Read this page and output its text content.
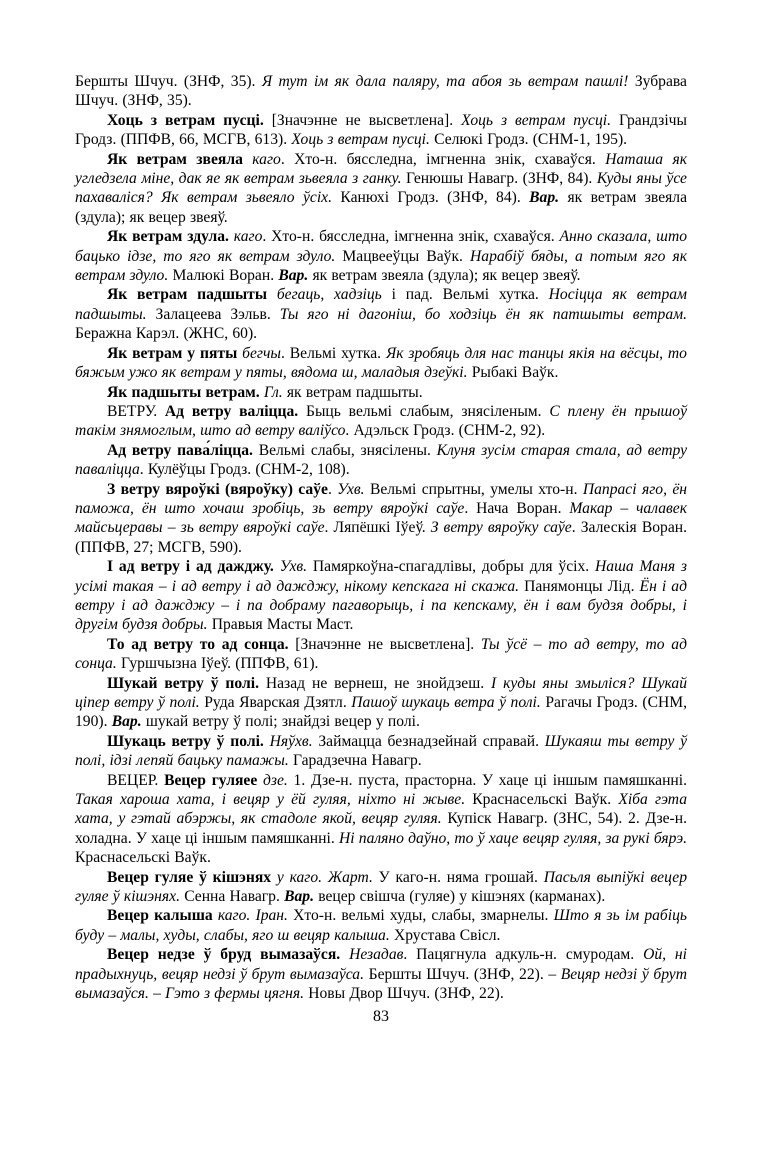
Бершты Шчуч. (ЗНФ, 35). Я тут ім як дала паляру, та абоя зь ветрам пашлі! Зубрава Шчуч. (ЗНФ, 35).

Хоць з ветрам пусці. [Значэнне не высветлена]. Хоць з ветрам пусці. Грандзічы Гродз. (ППФВ, 66, МСГВ, 613). Хоць з ветрам пусці. Селюкі Гродз. (СНМ-1, 195).

Як ветрам звеяла каго. Хто-н. бясследна, імгненна знік, схаваўся. Наташа як угледзела міне, дак яе як ветрам зьвеяла з ганку. Генюшы Навагр. (ЗНФ, 84). Куды яны ўсе пахаваліся? Як ветрам зьвеяло ўсіх. Канюхі Гродз. (ЗНФ, 84). Вар. як ветрам звеяла (здула); як вецер звеяў.

Як ветрам здула. каго. Хто-н. бясследна, імгненна знік, схаваўся. Анно сказала, што бацько ідзе, то яго як ветрам здуло. Мацвееўцы Ваўк. Нарабіў бяды, а потым яго як ветрам здуло. Малюкі Воран. Вар. як ветрам звеяла (здула); як вецер звеяў.

Як ветрам падшыты бегаць, хадзіць і пад. Вельмі хутка. Носіцца як ветрам падшыты. Залацеева Зэльв. Ты яго ні дагоніш, бо ходзіць ён як патшыты ветрам. Беражна Карэл. (ЖНС, 60).

Як ветрам у пяты бегчы. Вельмі хутка. Як зробяць для нас танцы якія на вёсцы, то бяжым ужо як ветрам у пяты, вядома ш, маладыя дзеўкі. Рыбакі Ваўк.

Як падшыты ветрам. Гл. як ветрам падшыты.

ВЕТРУ. Ад ветру валіцца. Быць вельмі слабым, знясіленым. С плену ён прышоў такім знямоглым, што ад ветру валіўсо. Адэльск Гродз. (СНМ-2, 92).

Ад ветру пава́ліцца. Вельмі слабы, знясілены. Клуня зусім старая стала, ад ветру паваліцца. Кулёўцы Гродз. (СНМ-2, 108).

З ветру вяроўкі (вяроўку) саўе. Ухв. Вельмі спрытны, умелы хто-н. Папрасі яго, ён паможа, ён што хочаш зробіць, зь ветру вяроўкі саўе. Нача Воран. Макар – чалавек майсьцеравы – зь ветру вяроўкі саўе. Ляпёшкі Іўеў. З ветру вяроўку саўе. Залескія Воран. (ППФВ, 27; МСГВ, 590).

І ад ветру і ад дажджу. Ухв. Памяркоўна-спагадлівы, добры для ўсіх. Наша Маня з усімі такая – і ад ветру і ад дажджу, нікому кепскага ні скажа. Панямонцы Лід. Ён і ад ветру і ад дажджу – і па добраму пагаворыць, і па кепскаму, ён і вам будзя добры, і другім будзя добры. Правыя Масты Маст.

То ад ветру то ад сонца. [Значэнне не высветлена]. Ты ўсё – то ад ветру, то ад сонца. Гуршчызна Іўеў. (ППФВ, 61).

Шукай ветру ў полі. Назад не вернеш, не знойдзеш. І куды яны змыліся? Шукай ціпер ветру ў полі. Руда Яварская Дзятл. Пашоў шукаць ветра ў полі. Рагачы Гродз. (СНМ, 190). Вар. шукай ветру ў полі; знайдзі вецер у полі.

Шукаць ветру ў полі. Няўхв. Займацца безнадзейнай справай. Шукаяш ты ветру ў полі, ідзі лепяй бацьку памажы. Гарадзечна Навагр.

ВЕЦЕР. Вецер гуляее дзе. 1. Дзе-н. пуста, прасторна. У хаце ці іншым памяшканні. Такая хароша хата, і вецяр у ёй гуляя, ніхто ні жыве. Краснасельскі Ваўк. Хіба гэта хата, у гэтай абэржы, як стадоле якой, вецяр гуляя. Купіск Навагр. (ЗНС, 54). 2. Дзе-н. холадна. У хаце ці іншым памяшканні. Ні паляно даўно, то ў хаце вецяр гуляя, за рукі бярэ. Краснасельскі Ваўк.

Вецер гуляе ў кішэнях у каго. Жарт. У каго-н. няма грошай. Пасьля выпіўкі вецер гуляе ў кішэнях. Сенна Навагр. Вар. вецер свішча (гуляе) у кішэнях (карманах).

Вецер калыша каго. Іран. Хто-н. вельмі худы, слабы, змарнелы. Што я зь ім рабіць буду – малы, худы, слабы, яго ш вецяр калыша. Хрустава Свісл.

Вецер недзе ў бруд вымазаўся. Незадав. Пацягнула адкуль-н. смуродам. Ой, ні прадыхнуць, вецяр недзі ў брут вымазаўса. Бершты Шчуч. (ЗНФ, 22). – Вецяр недзі ў брут вымазаўся. – Гэто з фермы цягня. Новы Двор Шчуч. (ЗНФ, 22).

83
